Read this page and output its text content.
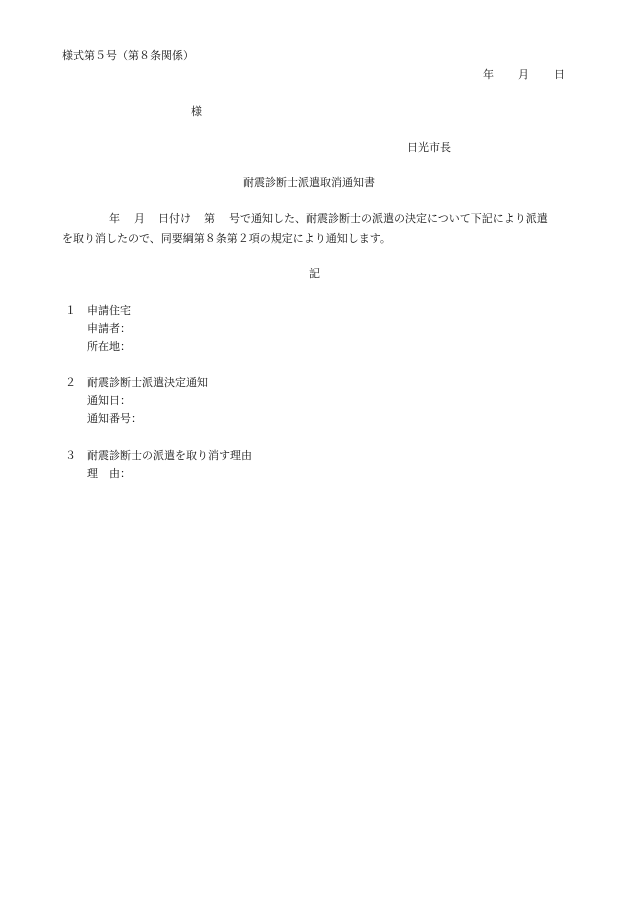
様式第５号（第８条関係）
年 月 日
様
日光市長
耐震診断士派遣取消通知書
年 月 日付け 第 号で通知した、耐震診断士の派遣の決定について下記により派遣
を取り消したので、同要綱第８条第２項の規定により通知します。
記
１ 申請住宅
申請者：
所在地：
２ 耐震診断士派遣決定通知
通知日：
通知番号：
３ 耐震診断士の派遣を取り消す理由
理　由：
